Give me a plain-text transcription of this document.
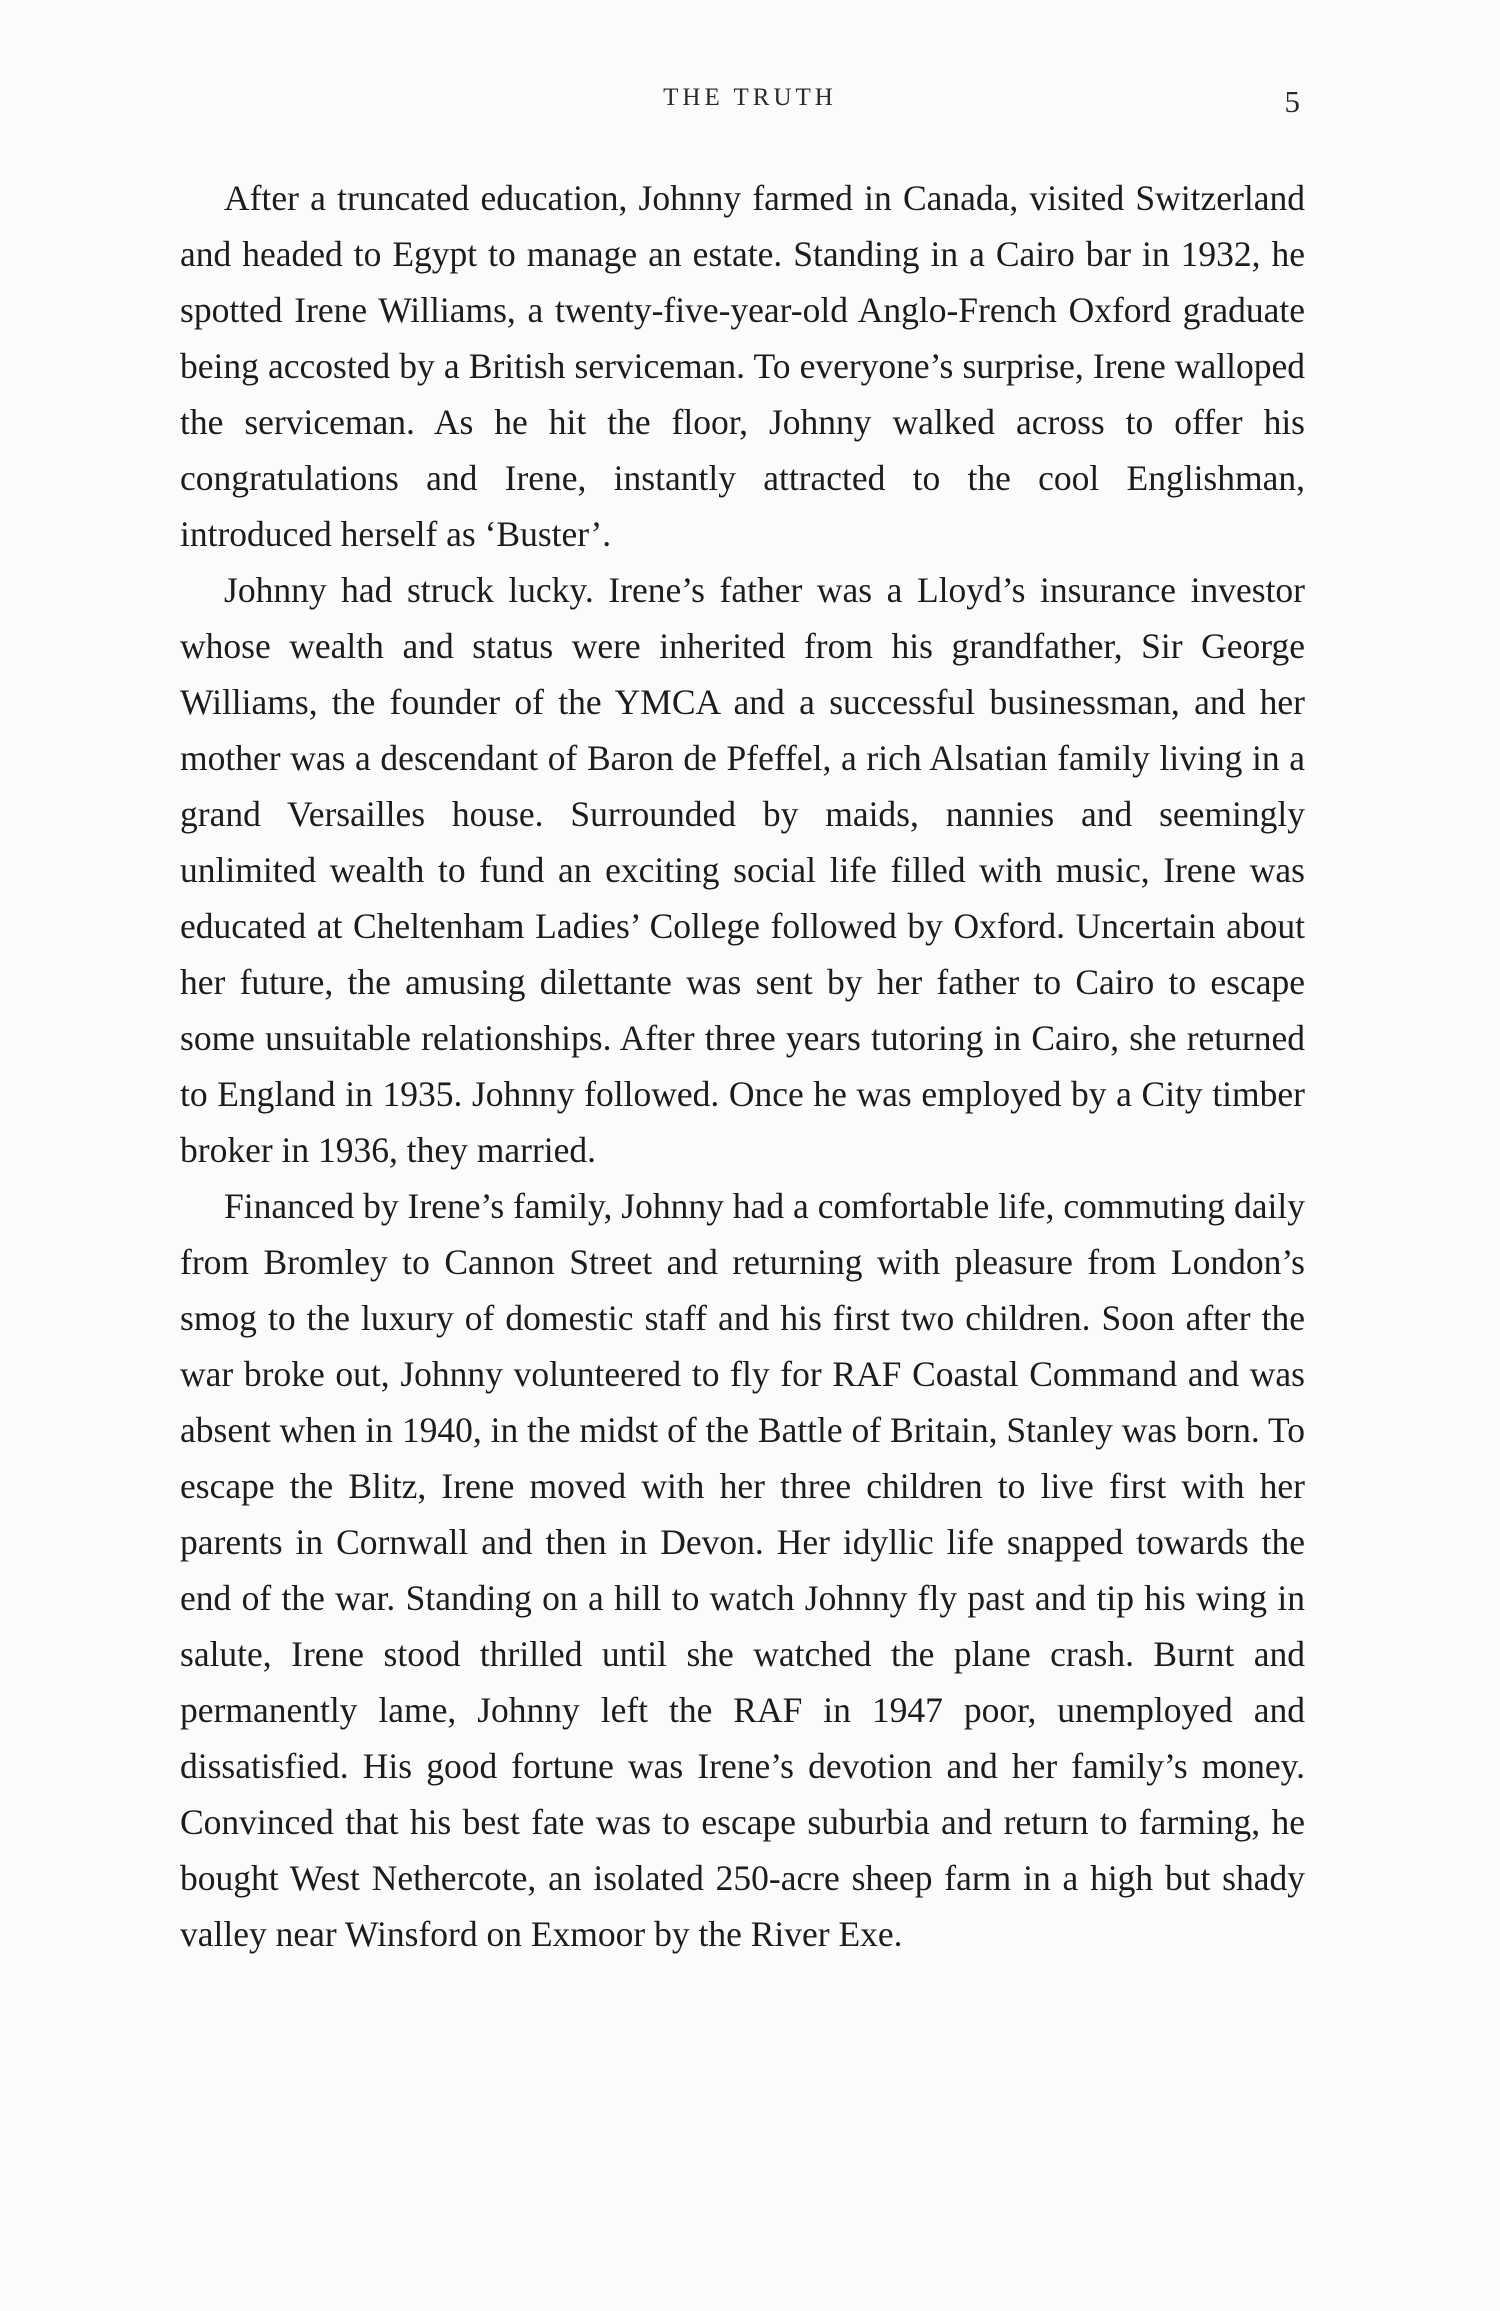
THE TRUTH	5

After a truncated education, Johnny farmed in Canada, visited Switzerland and headed to Egypt to manage an estate. Standing in a Cairo bar in 1932, he spotted Irene Williams, a twenty-five-year-old Anglo-French Oxford graduate being accosted by a British serviceman. To everyone’s surprise, Irene walloped the serviceman. As he hit the floor, Johnny walked across to offer his congratulations and Irene, instantly attracted to the cool Englishman, introduced herself as ‘Buster’.

Johnny had struck lucky. Irene’s father was a Lloyd’s insurance investor whose wealth and status were inherited from his grandfather, Sir George Williams, the founder of the YMCA and a successful businessman, and her mother was a descendant of Baron de Pfeffel, a rich Alsatian family living in a grand Versailles house. Surrounded by maids, nannies and seemingly unlimited wealth to fund an exciting social life filled with music, Irene was educated at Cheltenham Ladies’ College followed by Oxford. Uncertain about her future, the amusing dilettante was sent by her father to Cairo to escape some unsuitable relationships. After three years tutoring in Cairo, she returned to England in 1935. Johnny followed. Once he was employed by a City timber broker in 1936, they married.

Financed by Irene’s family, Johnny had a comfortable life, commuting daily from Bromley to Cannon Street and returning with pleasure from London’s smog to the luxury of domestic staff and his first two children. Soon after the war broke out, Johnny volunteered to fly for RAF Coastal Command and was absent when in 1940, in the midst of the Battle of Britain, Stanley was born. To escape the Blitz, Irene moved with her three children to live first with her parents in Cornwall and then in Devon. Her idyllic life snapped towards the end of the war. Standing on a hill to watch Johnny fly past and tip his wing in salute, Irene stood thrilled until she watched the plane crash. Burnt and permanently lame, Johnny left the RAF in 1947 poor, unemployed and dissatisfied. His good fortune was Irene’s devotion and her family’s money. Convinced that his best fate was to escape suburbia and return to farming, he bought West Nethercote, an isolated 250-acre sheep farm in a high but shady valley near Winsford on Exmoor by the River Exe.
